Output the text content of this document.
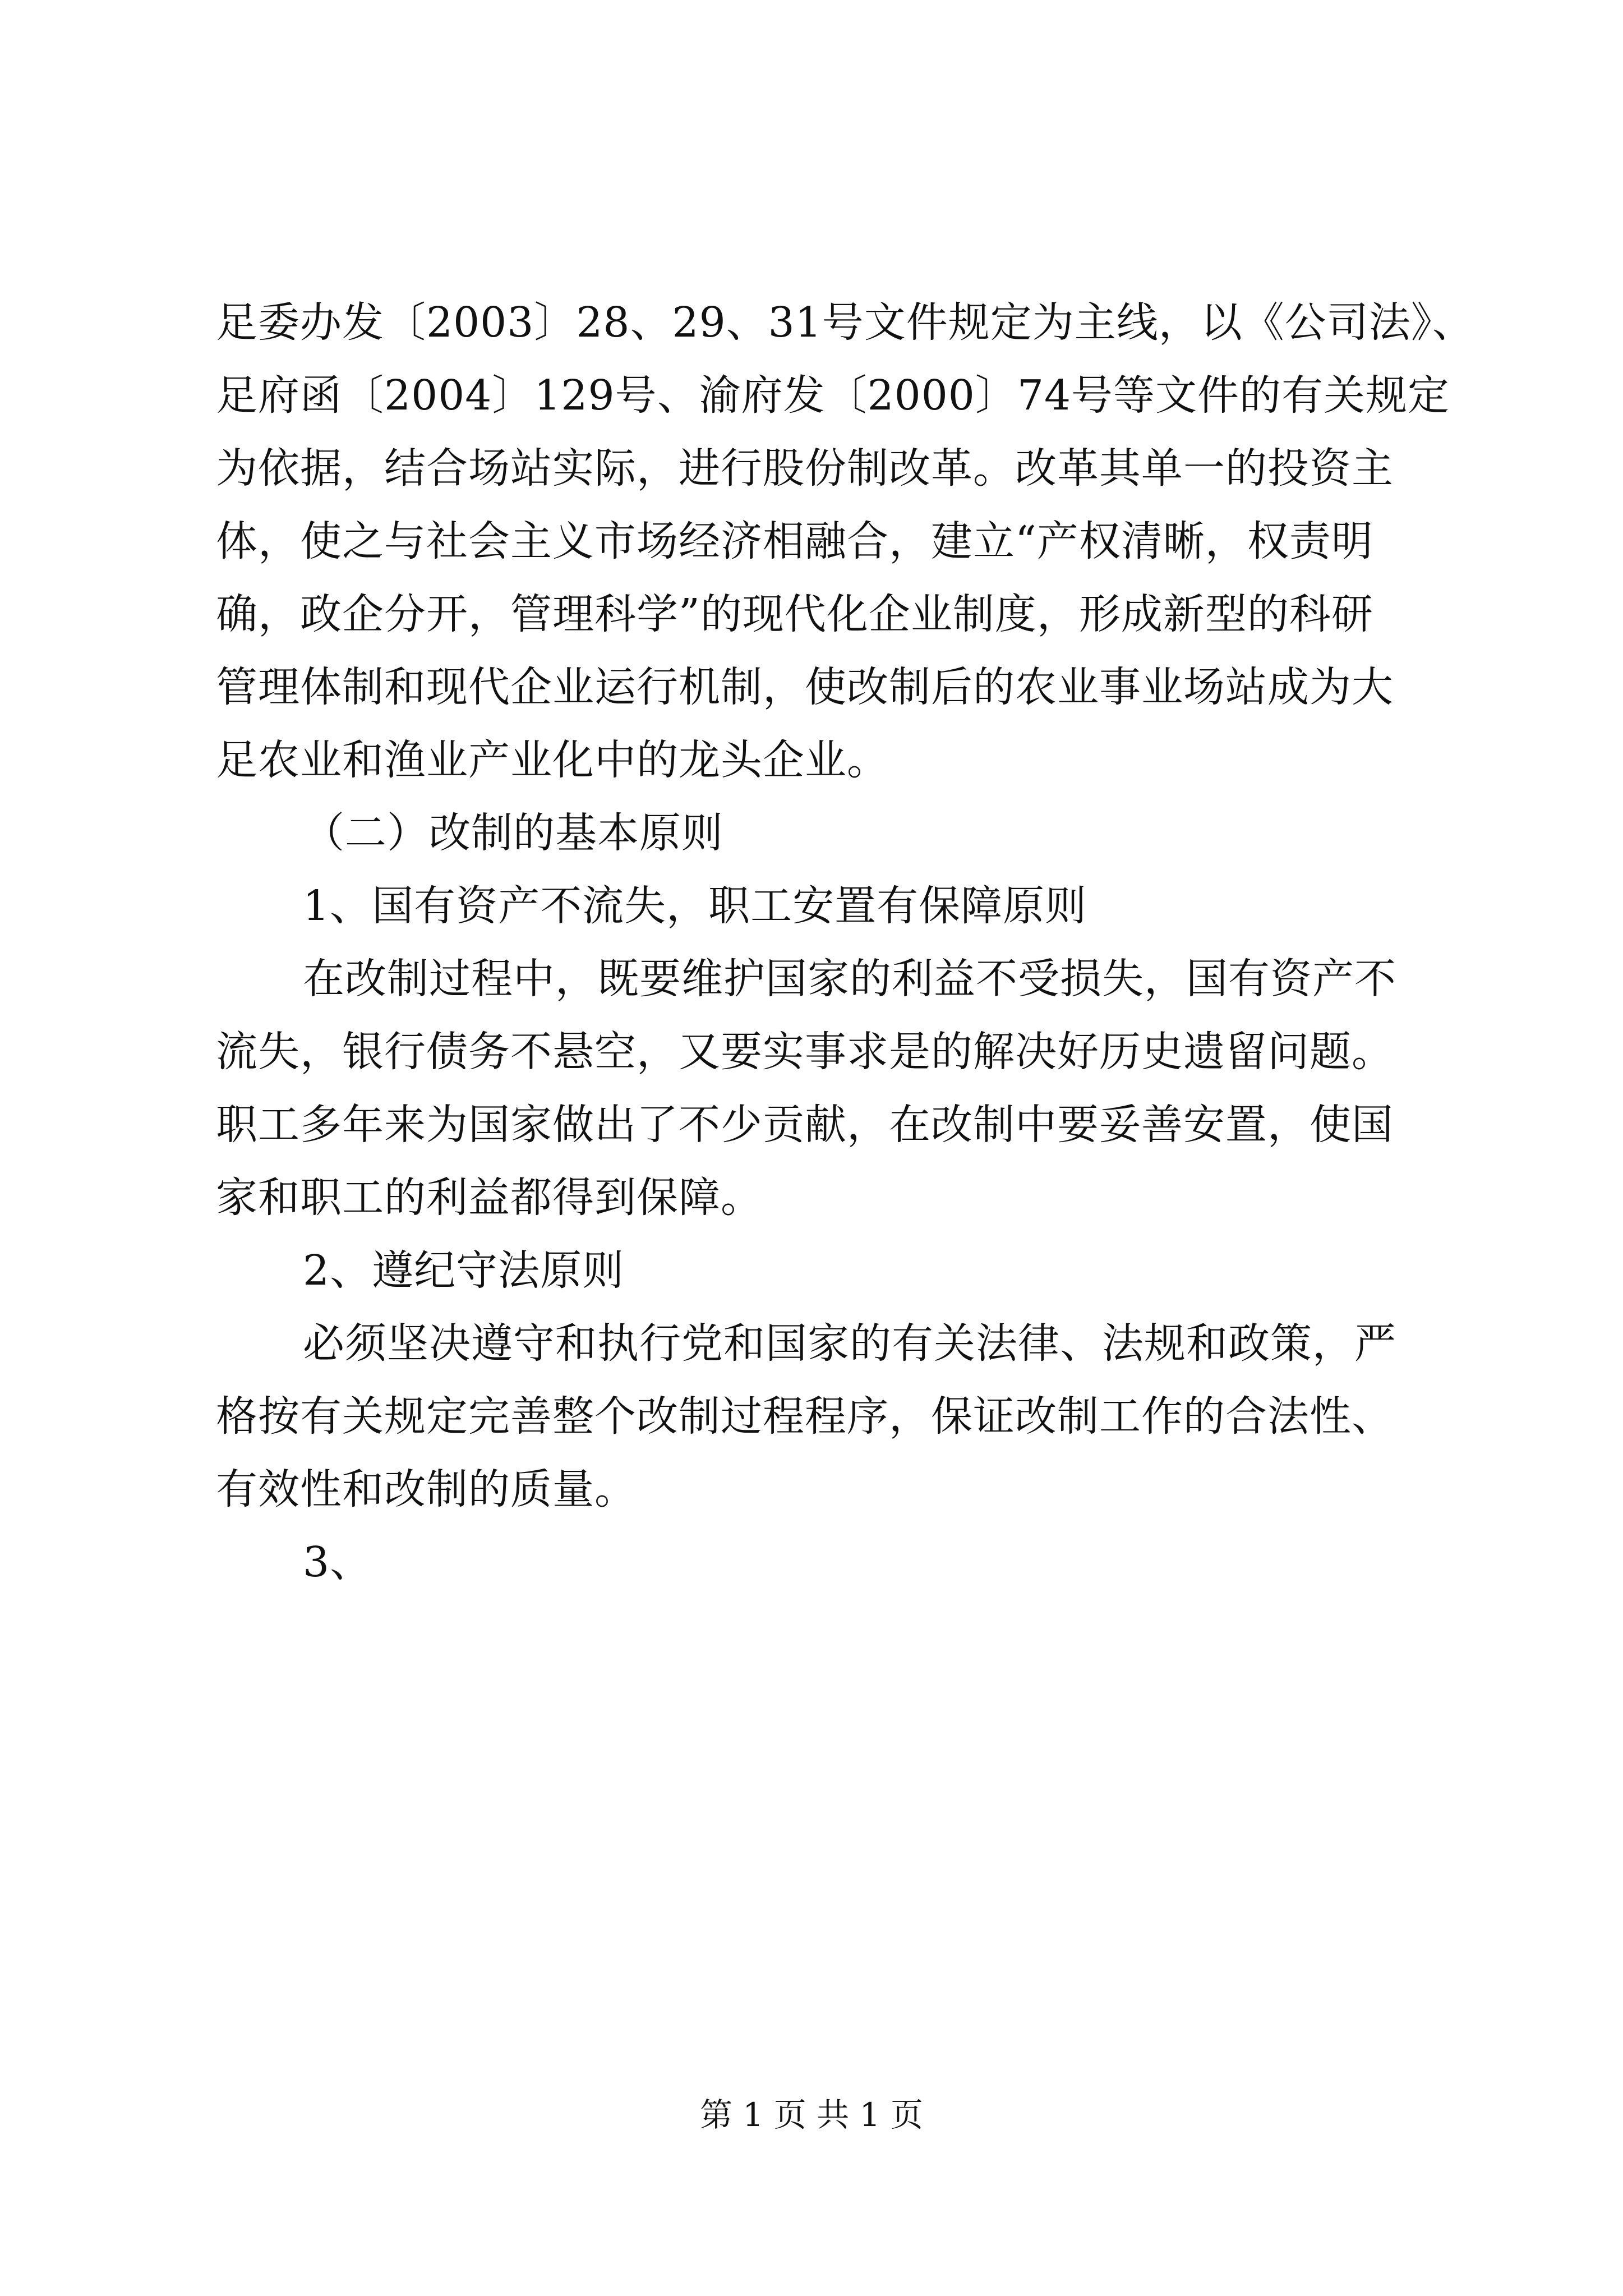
足委办发〔2003〕28、29、31号文件规定为主线，以《公司法》、
足府函〔2004〕129号、渝府发〔2000〕74号等文件的有关规定
为依据，结合场站实际，进行股份制改革。改革其单一的投资主
体，使之与社会主义市场经济相融合，建立“产权清晰，权责明
确，政企分开，管理科学”的现代化企业制度，形成新型的科研
管理体制和现代企业运行机制，使改制后的农业事业场站成为大
足农业和渔业产业化中的龙头企业。
（二）改制的基本原则
1、国有资产不流失，职工安置有保障原则
在改制过程中，既要维护国家的利益不受损失，国有资产不
流失，银行债务不悬空，又要实事求是的解决好历史遗留问题。
职工多年来为国家做出了不少贡献，在改制中要妥善安置，使国
家和职工的利益都得到保障。
2、遵纪守法原则
必须坚决遵守和执行党和国家的有关法律、法规和政策，严
格按有关规定完善整个改制过程程序，保证改制工作的合法性、
有效性和改制的质量。
3、
第 1 页 共 1 页
